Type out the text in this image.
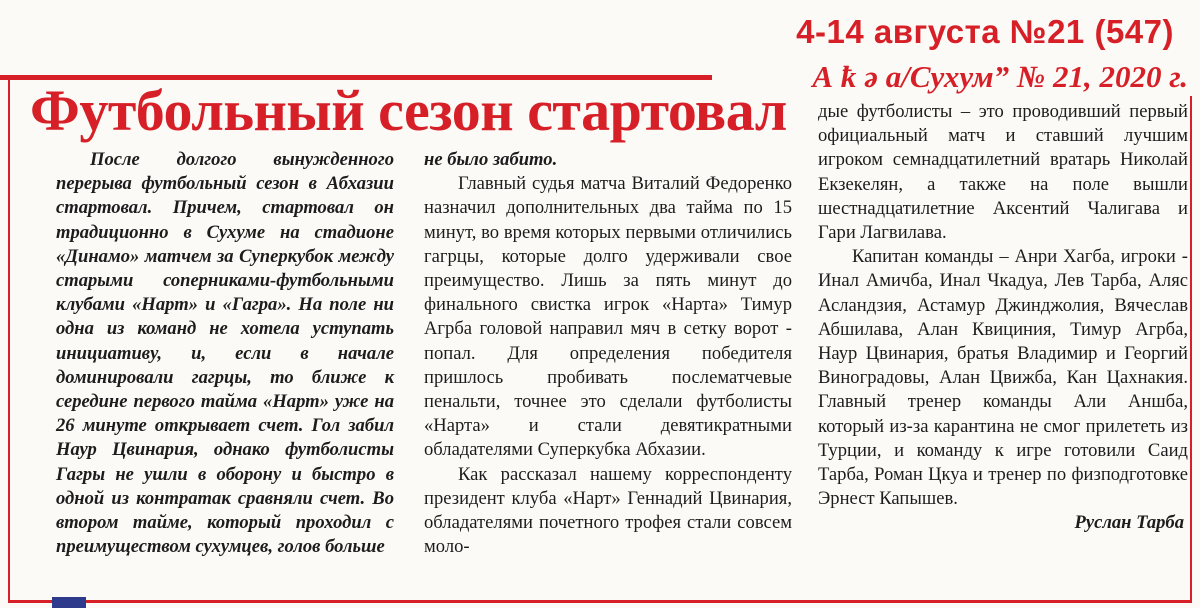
4-14 августа №21 (547)
А ҟ ә а/Сухум” № 21, 2020 г.
Футбольный сезон стартовал

После долгого вынужденного перерыва футбольный сезон в Абхазии стартовал. Причем, стартовал он традиционно в Сухуме на стадионе «Динамо» матчем за Суперкубок между старыми соперниками-футбольными клубами «Нарт» и «Гагра». На поле ни одна из команд не хотела уступать инициативу, и, если в начале доминировали гагрцы, то ближе к середине первого тайма «Нарт» уже на 26 минуте открывает счет. Гол забил Наур Цвинария, однако футболисты Гагры не ушли в оборону и быстро в одной из контратак сравняли счет. Во втором тайме, который проходил с преимуществом сухумцев, голов больше

не было забито.

Главный судья матча Виталий Федоренко назначил дополнительных два тайма по 15 минут, во время которых первыми отличились гагрцы, которые долго удерживали свое преимущество. Лишь за пять минут до финального свистка игрок «Нарта» Тимур Агрба головой направил мяч в сетку ворот - попал. Для определения победителя пришлось пробивать послематчевые пенальти, точнее это сделали футболисты «Нарта» и стали девятикратными обладателями Суперкубка Абхазии.

Как рассказал нашему корреспонденту президент клуба «Нарт» Геннадий Цвинария, обладателями почетного трофея стали совсем моло-

дые футболисты – это проводивший первый официальный матч и ставший лучшим игроком семнадцатилетний вратарь Николай Екзекелян, а также на поле вышли шестнадцатилетние Аксентий Чалигава и Гари Лагвилава.

Капитан команды – Анри Хагба, игроки - Инал Амичба, Инал Чкадуа, Лев Тарба, Аляс Асландзия, Астамур Джинджолия, Вячеслав Абшилава, Алан Квициния, Тимур Агрба, Наур Цвинария, братья Владимир и Георгий Виноградовы, Алан Цвижба, Кан Цахнакия. Главный тренер команды Али Аншба, который из-за карантина не смог прилететь из Турции, и команду к игре готовили Саид Тарба, Роман Цкуа и тренер по физподготовке Эрнест Капышев.

Руслан Тарба
